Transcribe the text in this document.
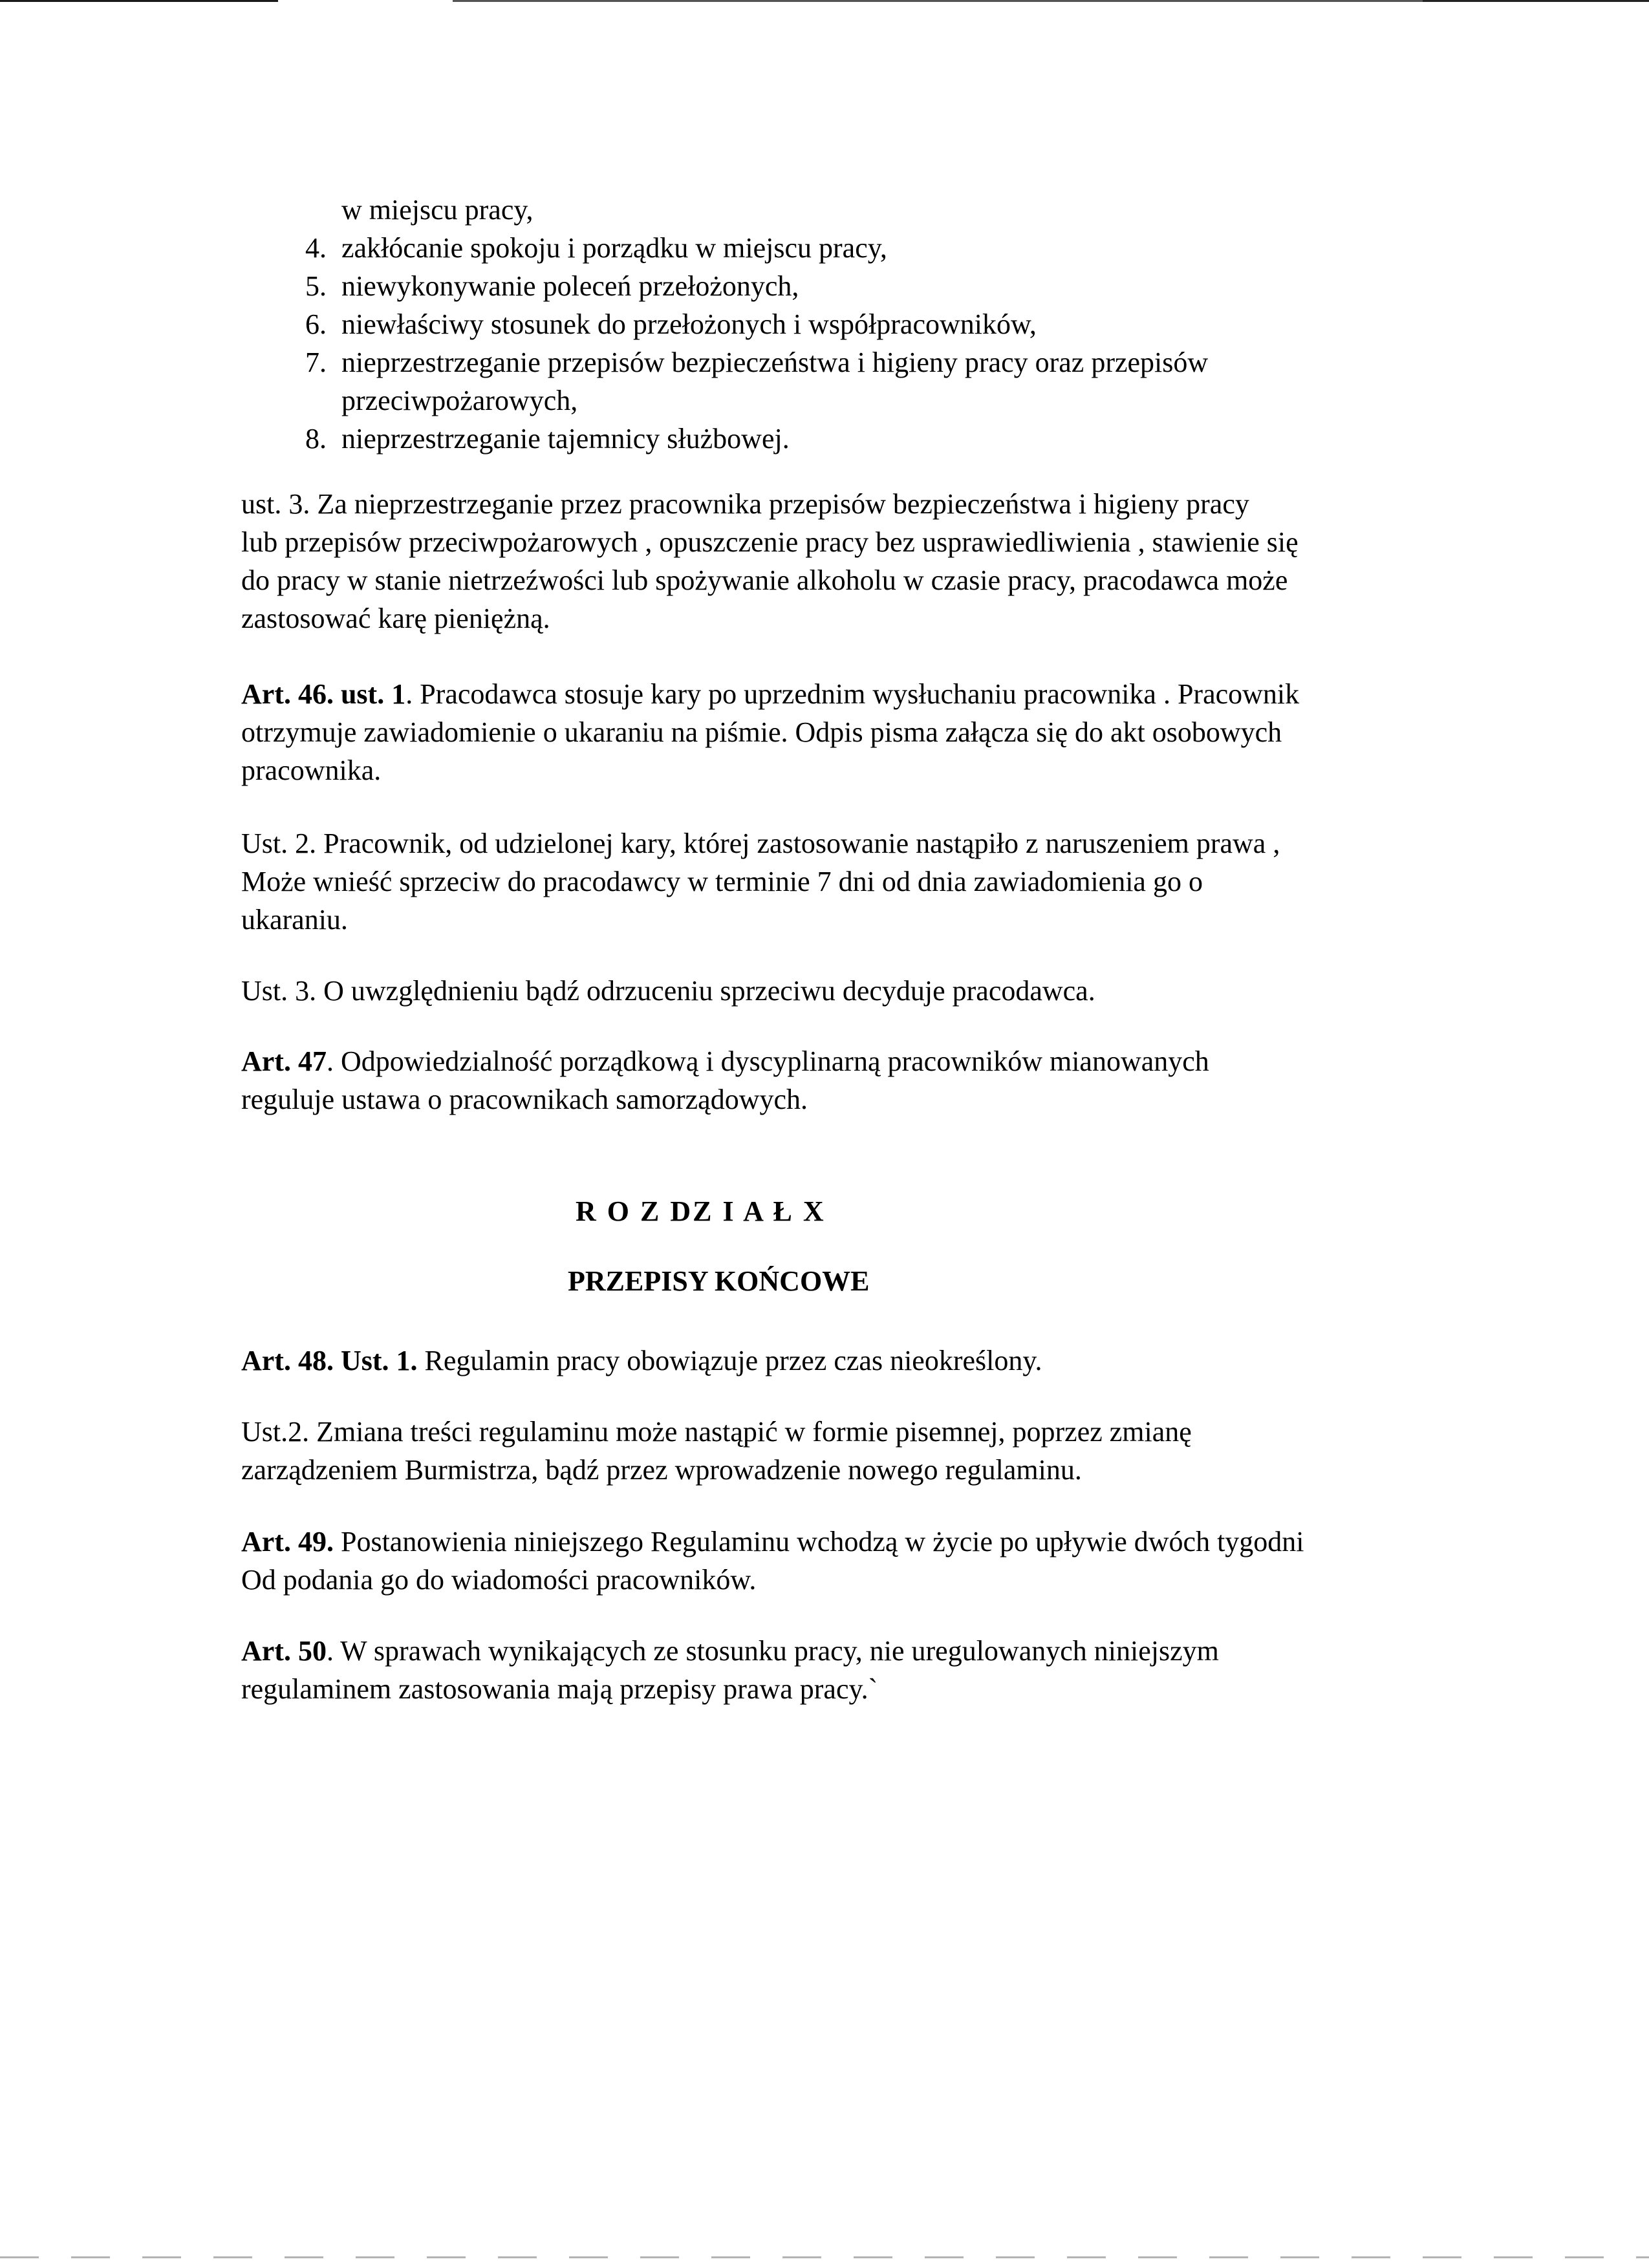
w miejscu pracy,
4. zakłócanie spokoju i porządku w miejscu pracy,
5. niewykonywanie poleceń przełożonych,
6. niewłaściwy stosunek do przełożonych i współpracowników,
7. nieprzestrzeganie przepisów bezpieczeństwa i higieny pracy oraz przepisów
przeciwpożarowych,
8. nieprzestrzeganie tajemnicy służbowej.
ust. 3. Za nieprzestrzeganie przez pracownika przepisów bezpieczeństwa i higieny pracy
lub przepisów przeciwpożarowych , opuszczenie pracy bez usprawiedliwienia , stawienie się
do pracy w stanie nietrzeźwości lub spożywanie alkoholu w czasie pracy, pracodawca może
zastosować karę pieniężną.
Art. 46. ust. 1. Pracodawca stosuje kary po uprzednim wysłuchaniu pracownika . Pracownik
otrzymuje zawiadomienie o ukaraniu na piśmie. Odpis pisma załącza się do akt osobowych
pracownika.
Ust. 2. Pracownik, od udzielonej kary, której zastosowanie nastąpiło z naruszeniem prawa ,
Może wnieść sprzeciw do pracodawcy w terminie 7 dni od dnia zawiadomienia go o
ukaraniu.
Ust. 3. O uwzględnieniu bądź odrzuceniu sprzeciwu decyduje pracodawca.
Art. 47. Odpowiedzialność porządkową i dyscyplinarną pracowników mianowanych
reguluje ustawa o pracownikach samorządowych.
R O Z DZ I A Ł X
PRZEPISY KOŃCOWE
Art. 48. Ust. 1. Regulamin pracy obowiązuje przez czas nieokreślony.
Ust.2. Zmiana treści regulaminu może nastąpić w formie pisemnej, poprzez zmianę
zarządzeniem Burmistrza, bądź przez wprowadzenie nowego regulaminu.
Art. 49. Postanowienia niniejszego Regulaminu wchodzą w życie po upływie dwóch tygodni
Od podania go do wiadomości pracowników.
Art. 50. W sprawach wynikających ze stosunku pracy, nie uregulowanych niniejszym
regulaminem zastosowania mają przepisy prawa pracy.`
